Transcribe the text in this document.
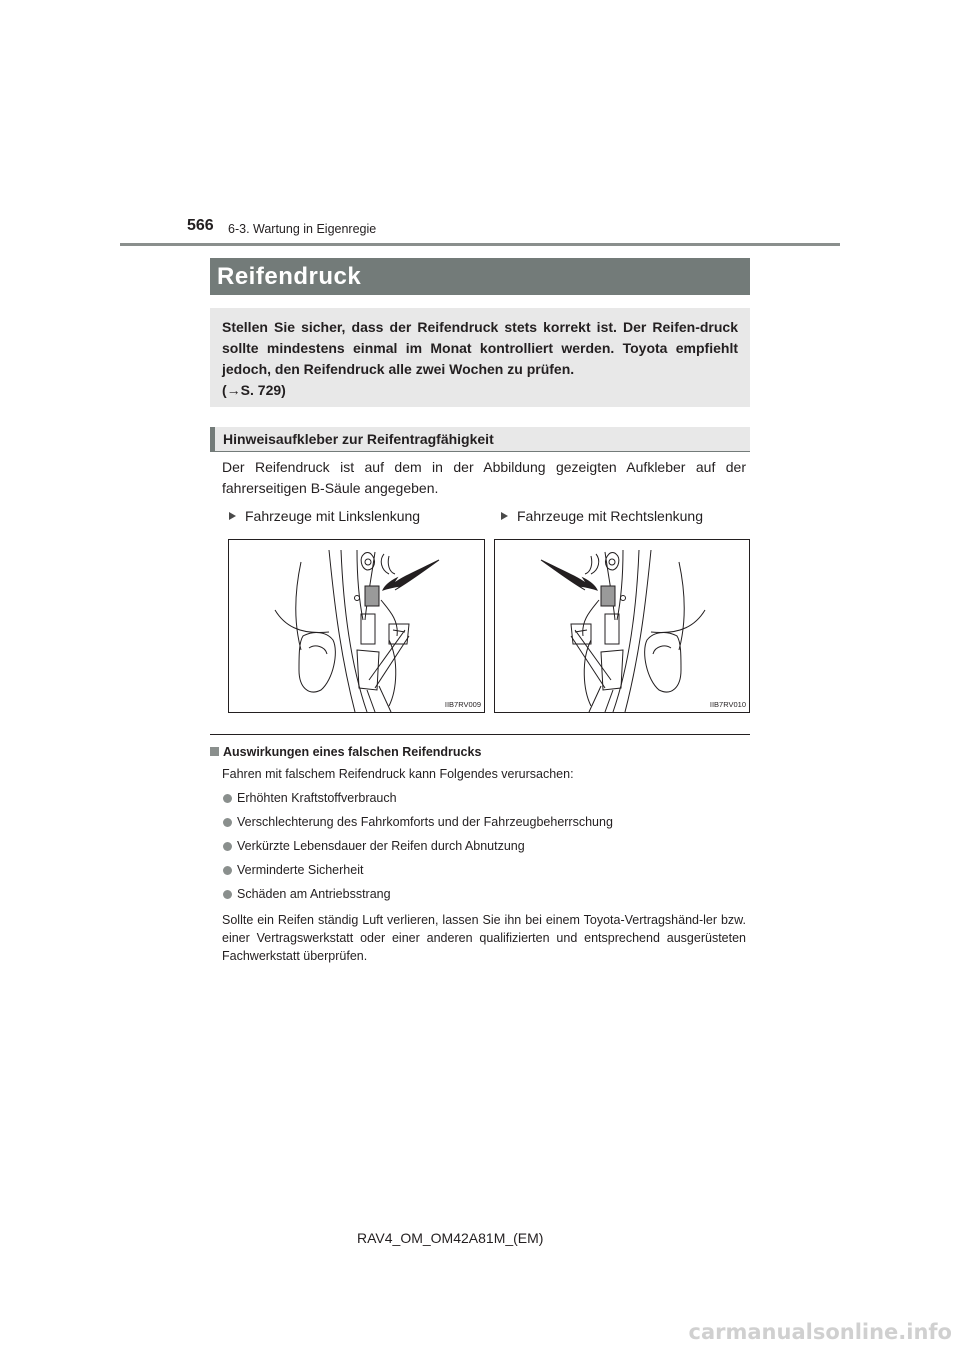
566 6-3. Wartung in Eigenregie
Reifendruck

Stellen Sie sicher, dass der Reifendruck stets korrekt ist. Der Reifen-druck sollte mindestens einmal im Monat kontrolliert werden. Toyota empfiehlt jedoch, den Reifendruck alle zwei Wochen zu prüfen.
(→S. 729)

Hinweisaufkleber zur Reifentragfähigkeit
Der Reifendruck ist auf dem in der Abbildung gezeigten Aufkleber auf der fahrerseitigen B-Säule angegeben.
Fahrzeuge mit Linkslenkung	Fahrzeuge mit Rechtslenkung
IIB7RV009	IIB7RV010
Auswirkungen eines falschen Reifendrucks
Fahren mit falschem Reifendruck kann Folgendes verursachen:
Erhöhten Kraftstoffverbrauch
Verschlechterung des Fahrkomforts und der Fahrzeugbeherrschung
Verkürzte Lebensdauer der Reifen durch Abnutzung
Verminderte Sicherheit
Schäden am Antriebsstrang
Sollte ein Reifen ständig Luft verlieren, lassen Sie ihn bei einem Toyota-Vertragshänd-ler bzw. einer Vertragswerkstatt oder einer anderen qualifizierten und entsprechend ausgerüsteten Fachwerkstatt überprüfen.
RAV4_OM_OM42A81M_(EM)
carmanualsonline.info
